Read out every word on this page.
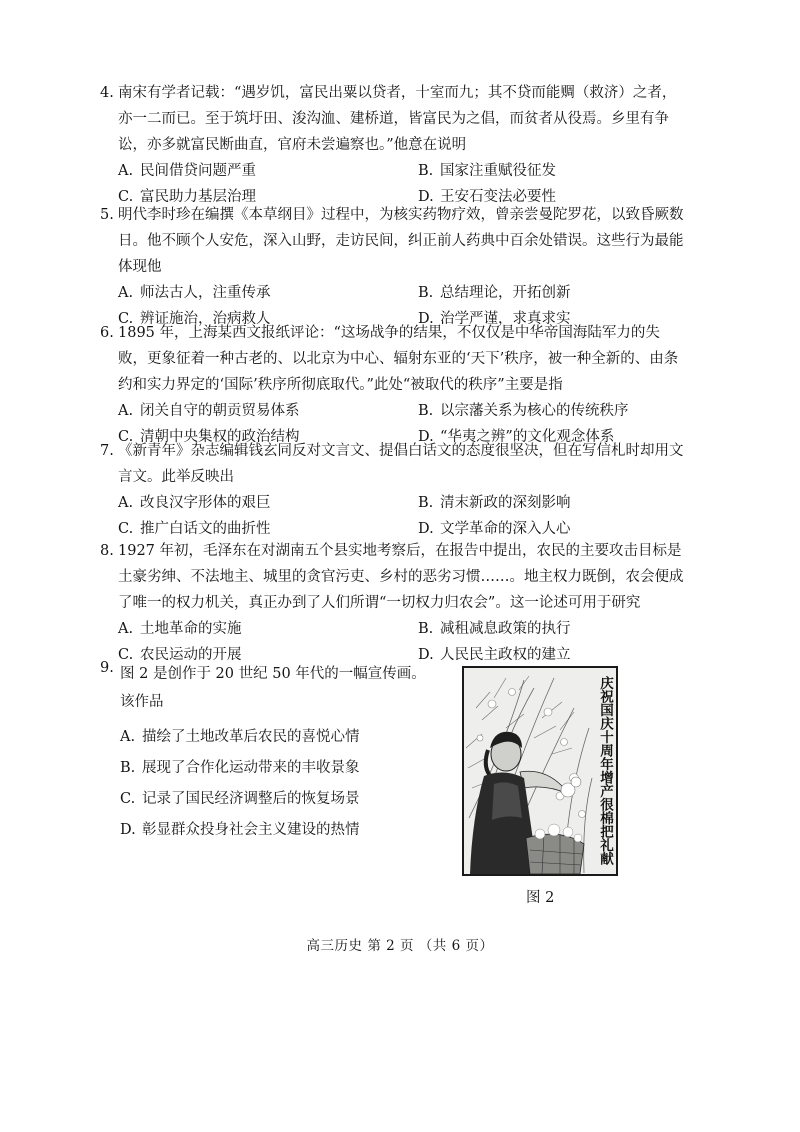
4. 南宋有学者记载：“遇岁饥，富民出粟以贷者，十室而九；其不贷而能赒（救济）之者，亦一二而已。至于筑圩田、浚沟洫、建桥道，皆富民为之倡，而贫者从役焉。乡里有争讼，亦多就富民断曲直，官府未尝遍察也。”他意在说明
A. 民间借贷问题严重	B. 国家注重赋役征发
C. 富民助力基层治理	D. 王安石变法必要性
5. 明代李时珍在编撰《本草纲目》过程中，为核实药物疗效，曾亲尝曼陀罗花，以致昏厥数日。他不顾个人安危，深入山野，走访民间，纠正前人药典中百余处错误。这些行为最能体现他
A. 师法古人，注重传承	B. 总结理论，开拓创新
C. 辨证施治，治病救人	D. 治学严谨，求真求实
6. 1895 年，上海某西文报纸评论：“这场战争的结果，不仅仅是中华帝国海陆军力的失败，更象征着一种古老的、以北京为中心、辐射东亚的‘天下’秩序，被一种全新的、由条约和实力界定的‘国际’秩序所彻底取代。”此处“被取代的秩序”主要是指
A. 闭关自守的朝贡贸易体系	B. 以宗藩关系为核心的传统秩序
C. 清朝中央集权的政治结构	D. “华夷之辨”的文化观念体系
7. 《新青年》杂志编辑钱玄同反对文言文、提倡白话文的态度很坚决，但在写信札时却用文言文。此举反映出
A. 改良汉字形体的艰巨	B. 清末新政的深刻影响
C. 推广白话文的曲折性	D. 文学革命的深入人心
8. 1927 年初，毛泽东在对湖南五个县实地考察后，在报告中提出，农民的主要攻击目标是土豪劣绅、不法地主、城里的贪官污吏、乡村的恶劣习惯……。地主权力既倒，农会便成了唯一的权力机关，真正办到了人们所谓“一切权力归农会”。这一论述可用于研究
A. 土地革命的实施	B. 减租减息政策的执行
C. 农民运动的开展	D. 人民民主政权的建立
9. 图 2 是创作于 20 世纪 50 年代的一幅宣传画。
该作品
A. 描绘了土地改革后农民的喜悦心情
B. 展现了合作化运动带来的丰收景象
C. 记录了国民经济调整后的恢复场景
D. 彰显群众投身社会主义建设的热情	庆祝国庆十周年增产很棉把礼献
图 2
高三历史 第 2 页 （共 6 页）
